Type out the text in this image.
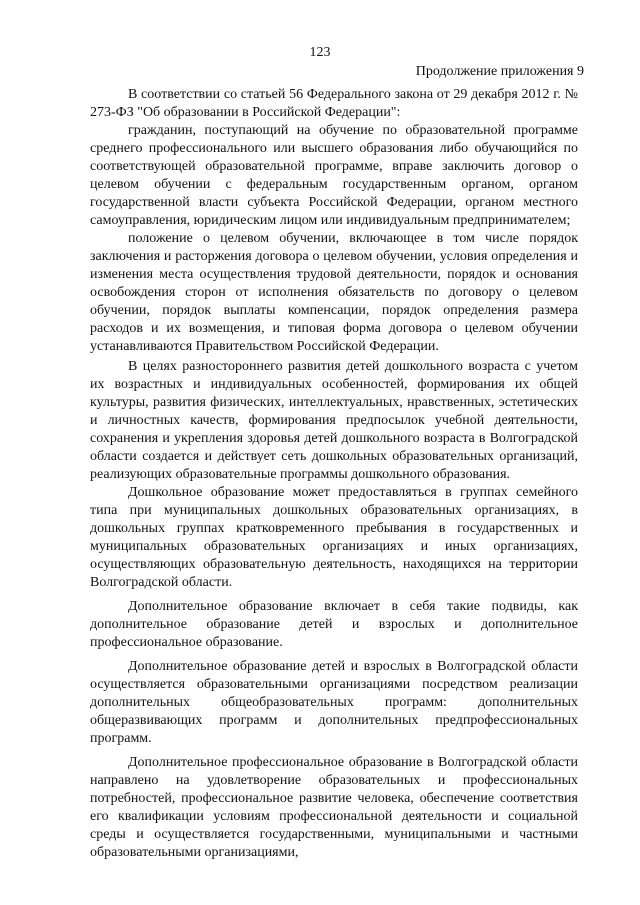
123
Продолжение приложения 9

В соответствии со статьей 56 Федерального закона от 29 декабря 2012 г. № 273-ФЗ "Об образовании в Российской Федерации":

гражданин, поступающий на обучение по образовательной программе среднего профессионального или высшего образования либо обучающийся по соответствующей образовательной программе, вправе заключить договор о целевом обучении с федеральным государственным органом, органом государственной власти субъекта Российской Федерации, органом местного самоуправления, юридическим лицом или индивидуальным предпринимателем;

положение о целевом обучении, включающее в том числе порядок заключения и расторжения договора о целевом обучении, условия определения и изменения места осуществления трудовой деятельности, порядок и основания освобождения сторон от исполнения обязательств по договору о целевом обучении, порядок выплаты компенсации, порядок определения размера расходов и их возмещения, и типовая форма договора о целевом обучении устанавливаются Правительством Российской Федерации.

В целях разностороннего развития детей дошкольного возраста с учетом их возрастных и индивидуальных особенностей, формирования их общей культуры, развития физических, интеллектуальных, нравственных, эстетических и личностных качеств, формирования предпосылок учебной деятельности, сохранения и укрепления здоровья детей дошкольного возраста в Волгоградской области создается и действует сеть дошкольных образовательных организаций, реализующих образовательные программы дошкольного образования.

Дошкольное образование может предоставляться в группах семейного типа при муниципальных дошкольных образовательных организациях, в дошкольных группах кратковременного пребывания в государственных и муниципальных образовательных организациях и иных организациях, осуществляющих образовательную деятельность, находящихся на территории Волгоградской области.

Дополнительное образование включает в себя такие подвиды, как дополнительное образование детей и взрослых и дополнительное профессиональное образование.

Дополнительное образование детей и взрослых в Волгоградской области осуществляется образовательными организациями посредством реализации дополнительных общеобразовательных программ: дополнительных общеразвивающих программ и дополнительных предпрофессиональных программ.

Дополнительное профессиональное образование в Волгоградской области направлено на удовлетворение образовательных и профессиональных потребностей, профессиональное развитие человека, обеспечение соответствия его квалификации условиям профессиональной деятельности и социальной среды и осуществляется государственными, муниципальными и частными образовательными организациями,
